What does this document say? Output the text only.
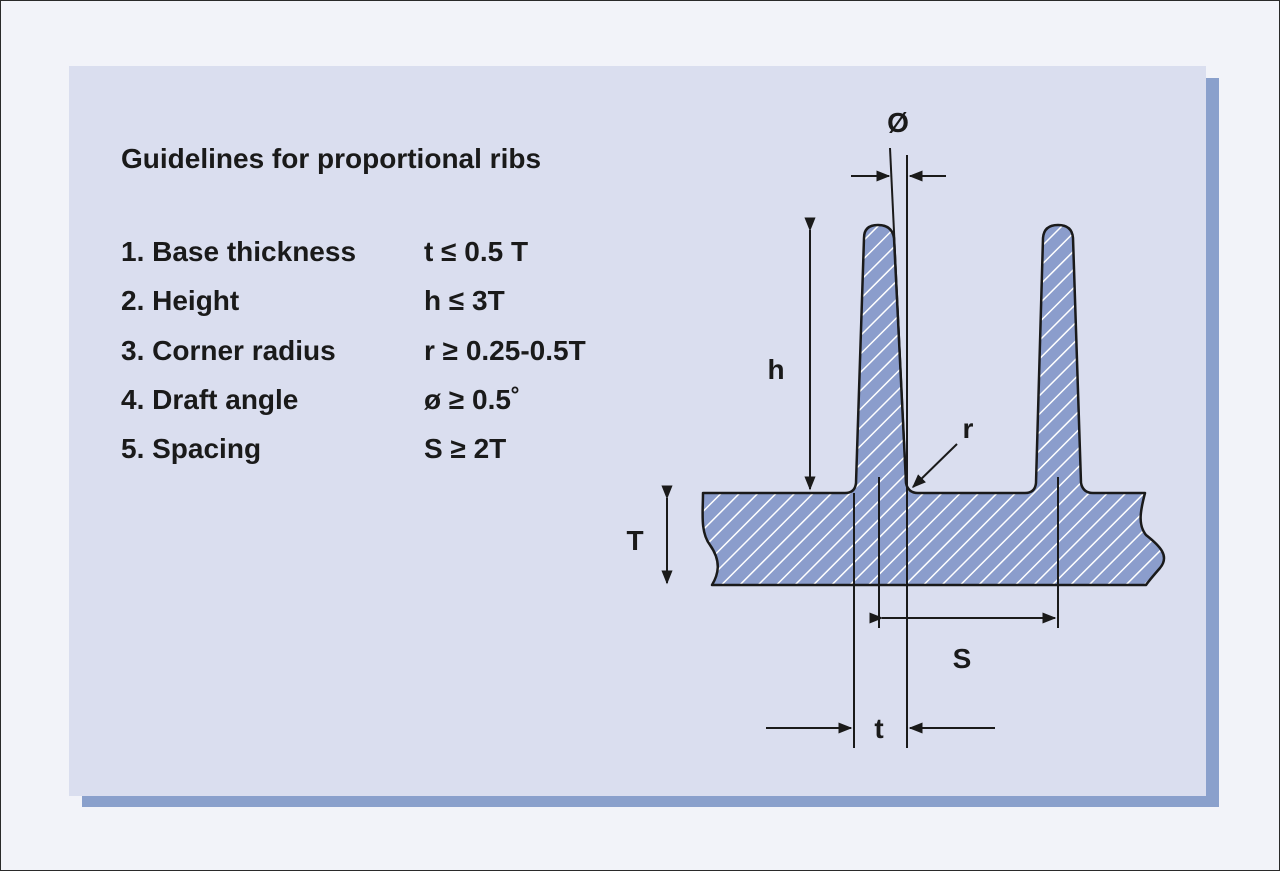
Guidelines for proportional ribs
1. Base thickness t ≤ 0.5 T
2. Height	h ≤ 3T
3. Corner radius	r ≥ 0.25-0.5T
4. Draft angle	ø ≥ 0.5˚
5. Spacing	S ≥ 2T
Ø
h
r
T
S
t
